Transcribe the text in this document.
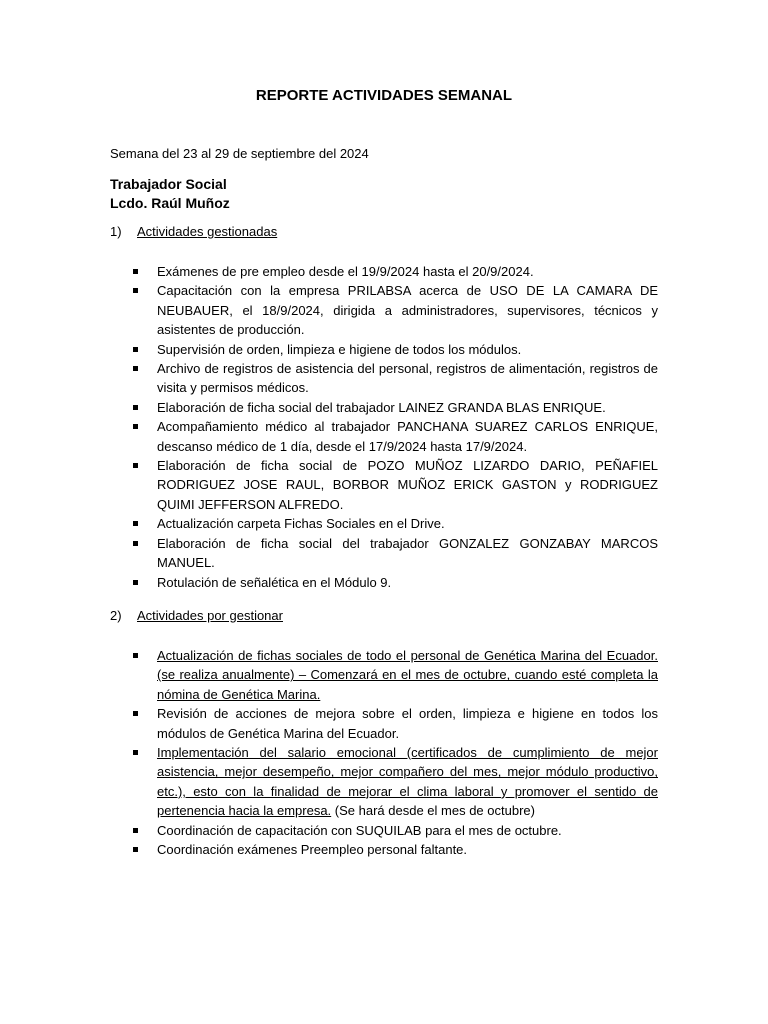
REPORTE ACTIVIDADES SEMANAL
Semana del 23 al 29 de septiembre del 2024
Trabajador Social
Lcdo. Raúl Muñoz
1) Actividades gestionadas
Exámenes de pre empleo desde el 19/9/2024 hasta el 20/9/2024.
Capacitación con la empresa PRILABSA acerca de USO DE LA CAMARA DE NEUBAUER, el 18/9/2024, dirigida a administradores, supervisores, técnicos y asistentes de producción.
Supervisión de orden, limpieza e higiene de todos los módulos.
Archivo de registros de asistencia del personal, registros de alimentación, registros de visita y permisos médicos.
Elaboración de ficha social del trabajador LAINEZ GRANDA BLAS ENRIQUE.
Acompañamiento médico al trabajador PANCHANA SUAREZ CARLOS ENRIQUE, descanso médico de 1 día, desde el 17/9/2024 hasta 17/9/2024.
Elaboración de ficha social de POZO MUÑOZ LIZARDO DARIO, PEÑAFIEL RODRIGUEZ JOSE RAUL, BORBOR MUÑOZ ERICK GASTON y RODRIGUEZ QUIMI JEFFERSON ALFREDO.
Actualización carpeta Fichas Sociales en el Drive.
Elaboración de ficha social del trabajador GONZALEZ GONZABAY MARCOS MANUEL.
Rotulación de señalética en el Módulo 9.
2) Actividades por gestionar
Actualización de fichas sociales de todo el personal de Genética Marina del Ecuador. (se realiza anualmente) – Comenzará en el mes de octubre, cuando esté completa la nómina de Genética Marina.
Revisión de acciones de mejora sobre el orden, limpieza e higiene en todos los módulos de Genética Marina del Ecuador.
Implementación del salario emocional (certificados de cumplimiento de mejor asistencia, mejor desempeño, mejor compañero del mes, mejor módulo productivo, etc.), esto con la finalidad de mejorar el clima laboral y promover el sentido de pertenencia hacia la empresa. (Se hará desde el mes de octubre)
Coordinación de capacitación con SUQUILAB para el mes de octubre.
Coordinación exámenes Preempleo personal faltante.
